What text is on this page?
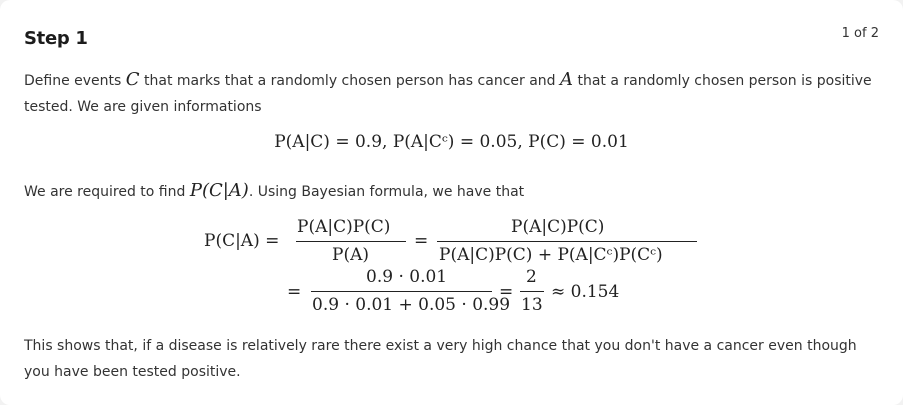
Step 1	1 of 2
Define events C that marks that a randomly chosen person has cancer and A that a randomly chosen person is positive tested. We are given informations
P(A|C) = 0.9, P(A|Cᶜ) = 0.05, P(C) = 0.01
We are required to find P(C|A). Using Bayesian formula, we have that
P(C|A) =
P(A|C)P(C)
P(A)
=
P(A|C)P(C)
P(A|C)P(C) + P(A|Cᶜ)P(Cᶜ)
=
0.9 · 0.01
0.9 · 0.01 + 0.05 · 0.99
=
2
13
≈ 0.154
This shows that, if a disease is relatively rare there exist a very high chance that you don't have a cancer even though you have been tested positive.
